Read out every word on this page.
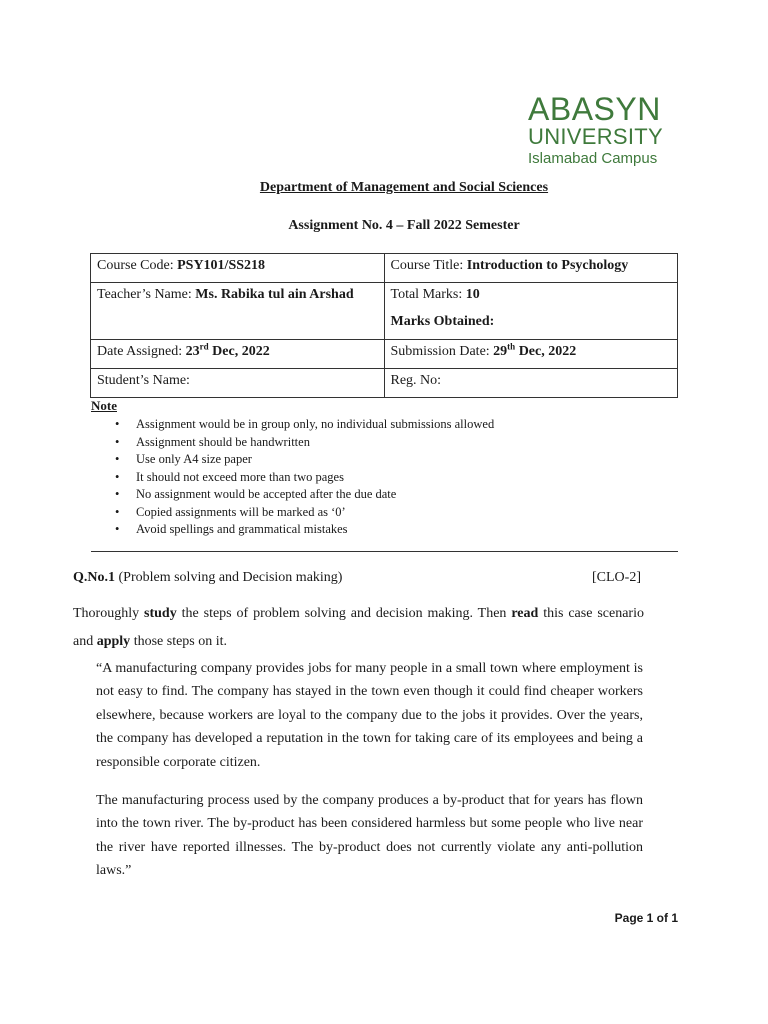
ABASYN
UNIVERSITY
Islamabad Campus
Department of Management and Social Sciences
Assignment No. 4 – Fall 2022 Semester
Course Code: PSY101/SS218	Course Title: Introduction to Psychology
Teacher’s Name: Ms. Rabika tul ain Arshad	Total Marks: 10
Marks Obtained:

Date Assigned: 23rd Dec, 2022	Submission Date: 29th Dec, 2022
Student’s Name:	Reg. No:
Note
• Assignment would be in group only, no individual submissions allowed
• Assignment should be handwritten
• Use only A4 size paper
• It should not exceed more than two pages
• No assignment would be accepted after the due date
• Copied assignments will be marked as ‘0’
• Avoid spellings and grammatical mistakes
Q.No.1 (Problem solving and Decision making)	[CLO-2]
Thoroughly study the steps of problem solving and decision making. Then read this case scenario and apply those steps on it.
“A manufacturing company provides jobs for many people in a small town where employment is not easy to find. The company has stayed in the town even though it could find cheaper workers elsewhere, because workers are loyal to the company due to the jobs it provides. Over the years, the company has developed a reputation in the town for taking care of its employees and being a responsible corporate citizen.
The manufacturing process used by the company produces a by-product that for years has flown into the town river. The by-product has been considered harmless but some people who live near the river have reported illnesses. The by-product does not currently violate any anti-pollution laws.”
Page 1 of 1
